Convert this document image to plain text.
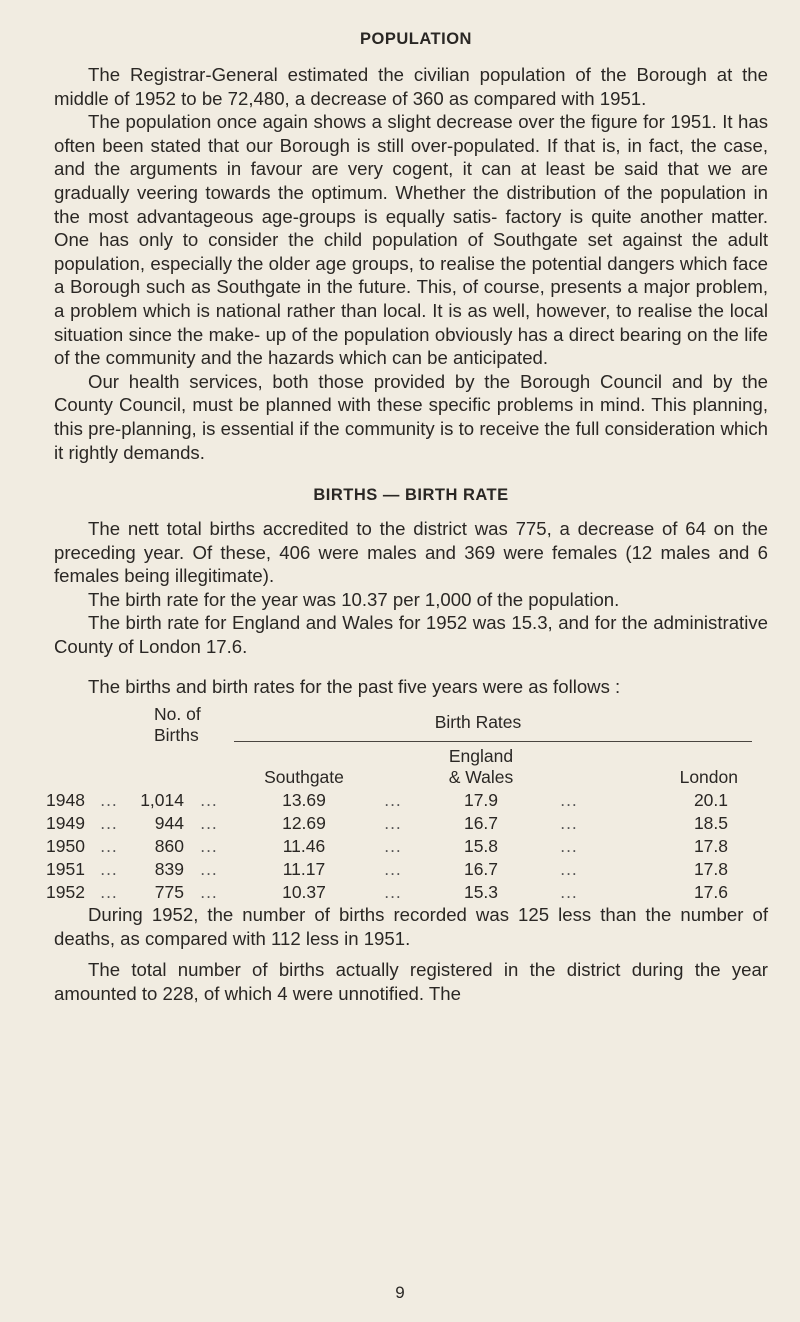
POPULATION

The Registrar-General estimated the civilian population of the Borough at the middle of 1952 to be 72,480, a decrease of 360 as compared with 1951.

The population once again shows a slight decrease over the figure for 1951. It has often been stated that our Borough is still over-populated. If that is, in fact, the case, and the arguments in favour are very cogent, it can at least be said that we are gradually veering towards the optimum. Whether the distribution of the population in the most advantageous age-groups is equally satis- factory is quite another matter. One has only to consider the child population of Southgate set against the adult population, especially the older age groups, to realise the potential dangers which face a Borough such as Southgate in the future. This, of course, presents a major problem, a problem which is national rather than local. It is as well, however, to realise the local situation since the make- up of the population obviously has a direct bearing on the life of the community and the hazards which can be anticipated.

Our health services, both those provided by the Borough Council and by the County Council, must be planned with these specific problems in mind. This planning, this pre-planning, is essential if the community is to receive the full consideration which it rightly demands.

BIRTHS — BIRTH RATE

The nett total births accredited to the district was 775, a decrease of 64 on the preceding year. Of these, 406 were males and 369 were females (12 males and 6 females being illegitimate).

The birth rate for the year was 10.37 per 1,000 of the population.

The birth rate for England and Wales for 1952 was 15.3, and for the administrative County of London 17.6.

The births and birth rates for the past five years were as follows :

No. of
Births				Birth Rates				

				Southgate		England
& Wales		London
1948	...	1,014	...	13.69	...	17.9	...	20.1
1949	...	944	...	12.69	...	16.7	...	18.5
1950	...	860	...	11.46	...	15.8	...	17.8
1951	...	839	...	11.17	...	16.7	...	17.8
1952	...	775	...	10.37	...	15.3	...	17.6

During 1952, the number of births recorded was 125 less than the number of deaths, as compared with 112 less in 1951.

The total number of births actually registered in the district during the year amounted to 228, of which 4 were unnotified. The

9
